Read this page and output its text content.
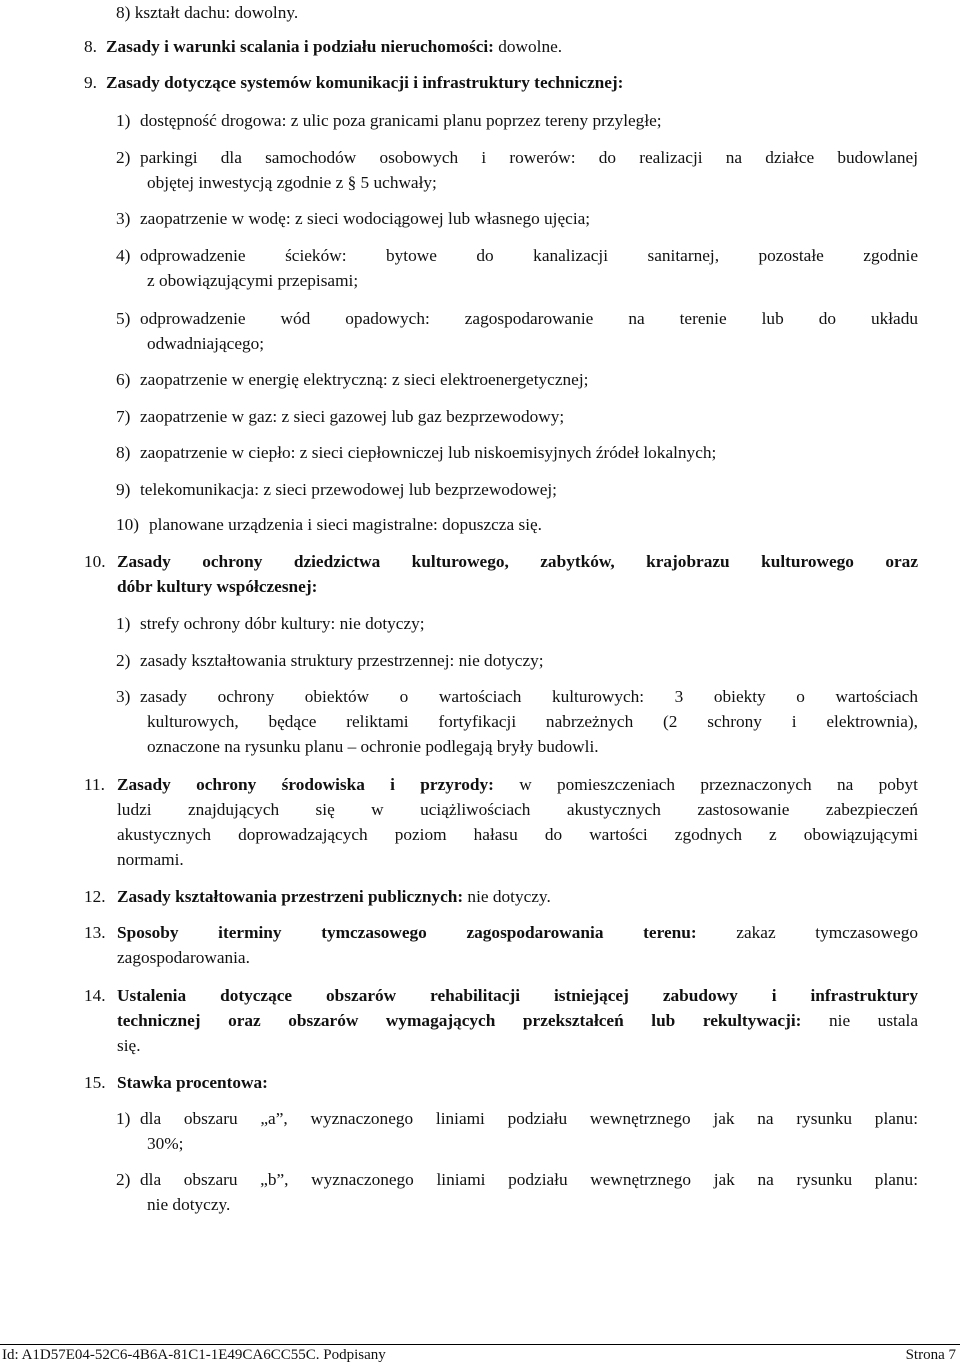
8) kształt dachu: dowolny.
8. Zasady i warunki scalania i podziału nieruchomości: dowolne.
9. Zasady dotyczące systemów komunikacji i infrastruktury technicznej:
1) dostępność drogowa: z ulic poza granicami planu poprzez tereny przyległe;
2) parkingi dla samochodów osobowych i rowerów: do realizacji na działce budowlanej
objętej inwestycją zgodnie z § 5 uchwały;
3) zaopatrzenie w wodę: z sieci wodociągowej lub własnego ujęcia;
4) odprowadzenie ścieków: bytowe do kanalizacji sanitarnej, pozostałe zgodnie
z obowiązującymi przepisami;
5) odprowadzenie wód opadowych: zagospodarowanie na terenie lub do układu
odwadniającego;
6) zaopatrzenie w energię elektryczną: z sieci elektroenergetycznej;
7) zaopatrzenie w gaz: z sieci gazowej lub gaz bezprzewodowy;
8) zaopatrzenie w ciepło: z sieci ciepłowniczej lub niskoemisyjnych źródeł lokalnych;
9) telekomunikacja: z sieci przewodowej lub bezprzewodowej;
10) planowane urządzenia i sieci magistralne: dopuszcza się.
10. Zasady ochrony dziedzictwa kulturowego, zabytków, krajobrazu kulturowego oraz
dóbr kultury współczesnej:
1) strefy ochrony dóbr kultury: nie dotyczy;
2) zasady kształtowania struktury przestrzennej: nie dotyczy;
3) zasady ochrony obiektów o wartościach kulturowych: 3 obiekty o wartościach
kulturowych, będące reliktami fortyfikacji nabrzeżnych (2 schrony i elektrownia),
oznaczone na rysunku planu – ochronie podlegają bryły budowli.
11. Zasady ochrony środowiska i przyrody: w pomieszczeniach przeznaczonych na pobyt
ludzi znajdujących się w uciążliwościach akustycznych zastosowanie zabezpieczeń
akustycznych doprowadzających poziom hałasu do wartości zgodnych z obowiązującymi
normami.
12. Zasady kształtowania przestrzeni publicznych: nie dotyczy.
13. Sposoby iterminy tymczasowego zagospodarowania terenu: zakaz tymczasowego
zagospodarowania.
14. Ustalenia dotyczące obszarów rehabilitacji istniejącej zabudowy i infrastruktury
technicznej oraz obszarów wymagających przekształceń lub rekultywacji: nie ustala
się.
15. Stawka procentowa:
1) dla obszaru „a”, wyznaczonego liniami podziału wewnętrznego jak na rysunku planu:
30%;
2) dla obszaru „b”, wyznaczonego liniami podziału wewnętrznego jak na rysunku planu:
nie dotyczy.
Id: A1D57E04-52C6-4B6A-81C1-1E49CA6CC55C. Podpisany	Strona 7
